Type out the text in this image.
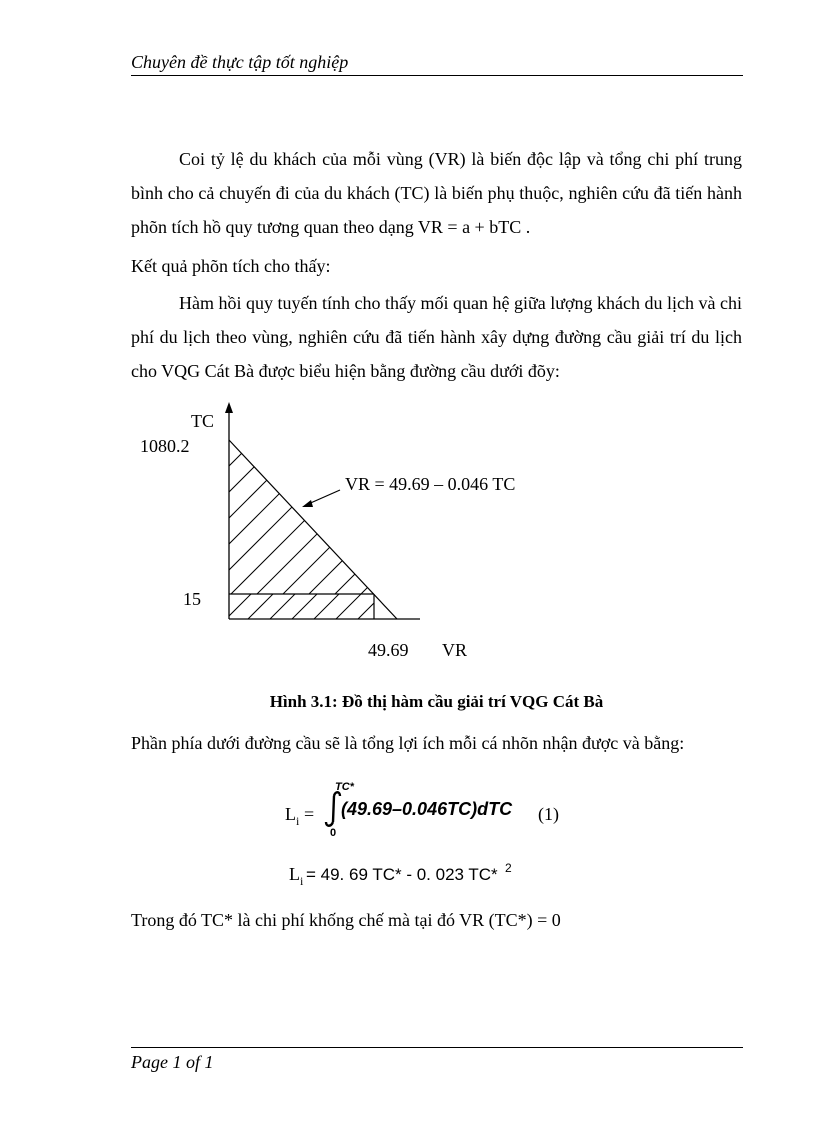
Chuyên đề thực tập tốt nghiệp
Coi tỷ lệ du khách của mỗi vùng (VR) là biến độc lập và tổng chi phí trung bình cho cả chuyến đi của du khách (TC) là biến phụ thuộc, nghiên cứu đã tiến hành phõn tích hồ quy tương quan theo dạng VR = a + bTC .
Kết quả phõn tích cho thấy:
Hàm hồi quy tuyến tính cho thấy mối quan hệ giữa lượng khách du lịch và chi phí du lịch theo vùng, nghiên cứu đã tiến hành xây dựng đường cầu giải trí du lịch cho VQG Cát Bà được biểu hiện bằng đường cầu dưới đõy:
TC
1080.2
15
VR = 49.69 – 0.046 TC
49.69 VR
Hình 3.1: Đồ thị hàm cầu giải trí VQG Cát Bà
Phần phía dưới đường cầu sẽ là tổng lợi ích mỗi cá nhõn nhận được và bằng:
L i =
TC*
0
(49.69–0.046TC)dTC (1)
L i = 49. 69 TC* - 0. 023 TC* 2
Trong đó TC* là chi phí khống chế mà tại đó VR (TC*) = 0
Page 1 of 1
